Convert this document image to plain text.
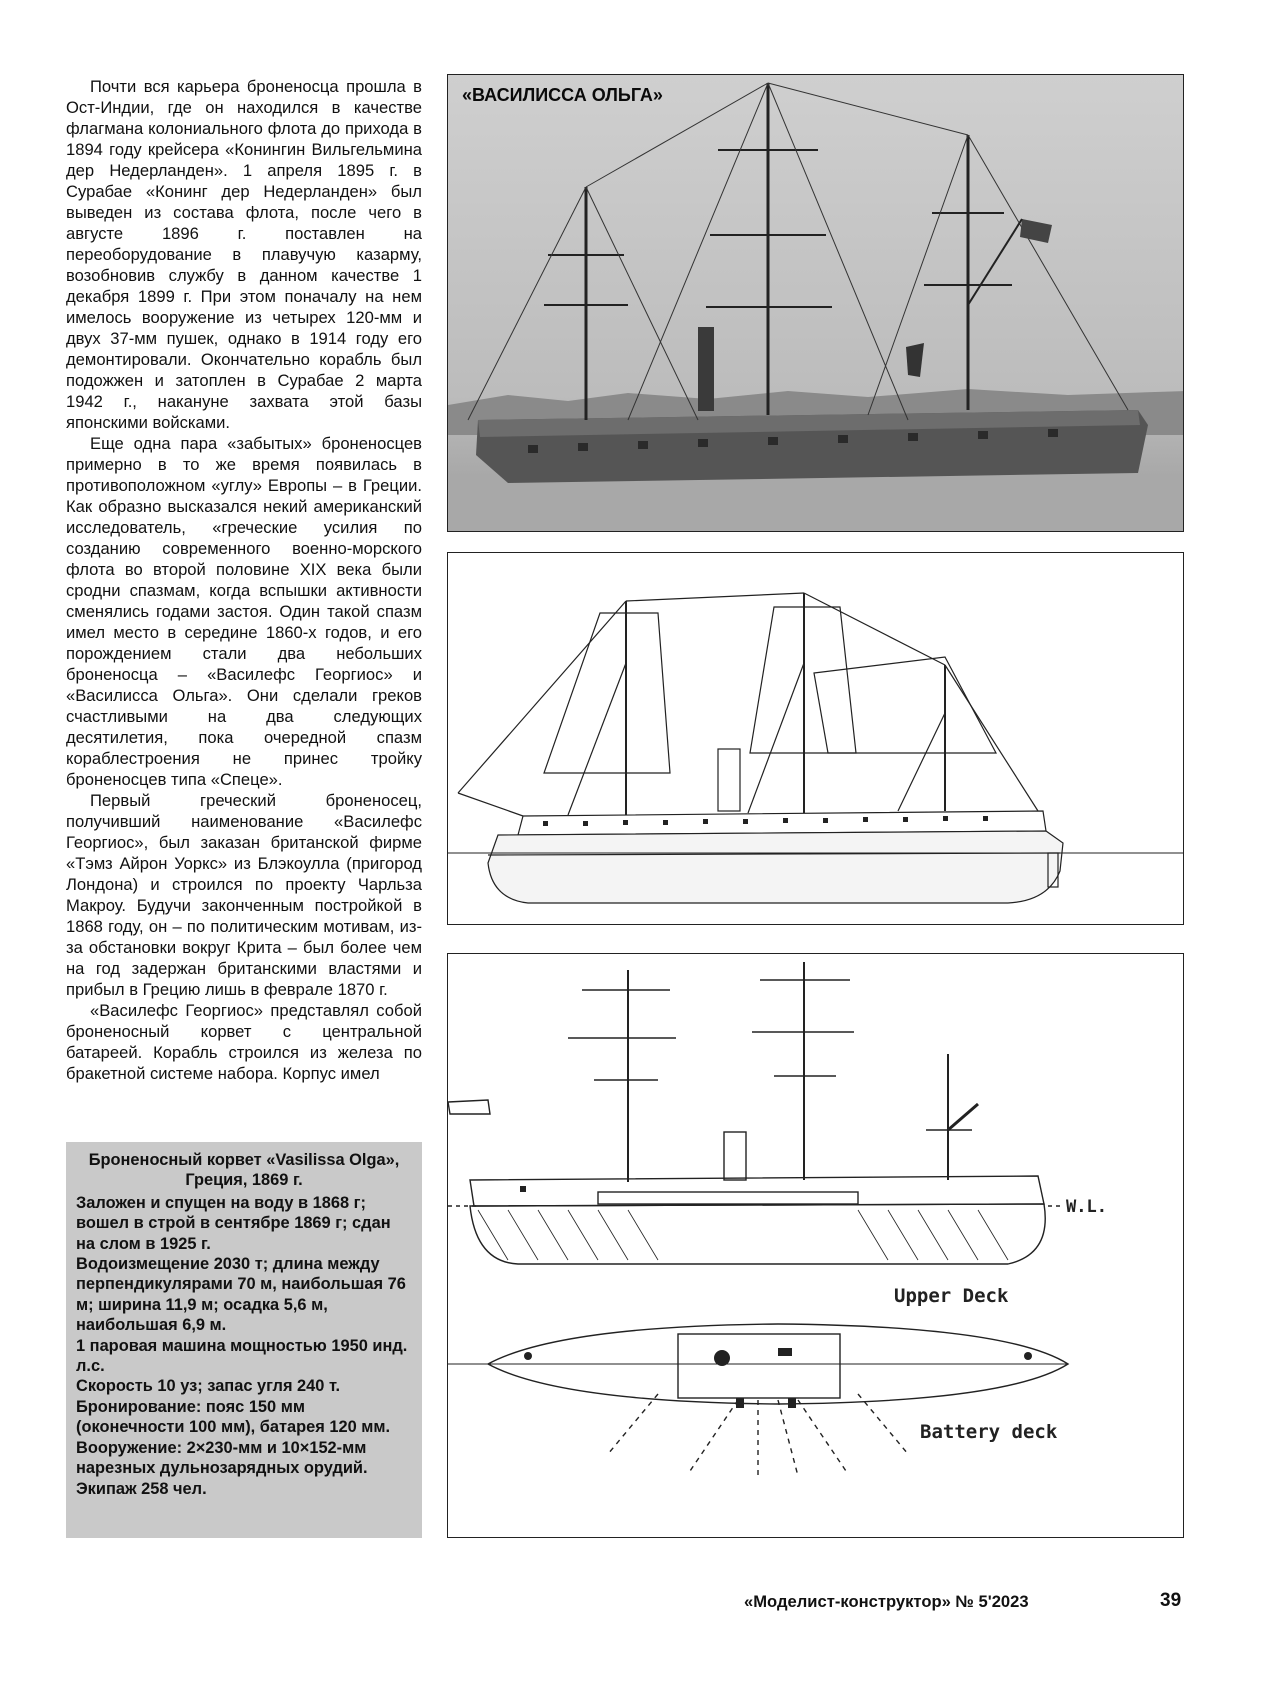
Почти вся карьера броненосца прошла в Ост-Индии, где он находился в качестве флагмана колониального флота до прихода в 1894 году крейсера «Конингин Вильгельмина дер Недерланден». 1 апреля 1895 г. в Сурабае «Конинг дер Недерланден» был выведен из состава флота, после чего в августе 1896 г. поставлен на переоборудование в плавучую казарму, возобновив службу в данном качестве 1 декабря 1899 г. При этом поначалу на нем имелось вооружение из четырех 120-мм и двух 37-мм пушек, однако в 1914 году его демонтировали. Окончательно корабль был подожжен и затоплен в Сурабае 2 марта 1942 г., накануне захвата этой базы японскими войсками.

Еще одна пара «забытых» броненосцев примерно в то же время появилась в противоположном «углу» Европы – в Греции. Как образно высказался некий американский исследователь, «греческие усилия по созданию современного военно-морского флота во второй половине XIX века были сродни спазмам, когда вспышки активности сменялись годами застоя. Один такой спазм имел место в середине 1860-х годов, и его порождением стали два небольших броненосца – «Василефс Георгиос» и «Василисса Ольга». Они сделали греков счастливыми на два следующих десятилетия, пока очередной спазм кораблестроения не принес тройку броненосцев типа «Спеце».

Первый греческий броненосец, получивший наименование «Василефс Георгиос», был заказан британской фирме «Тэмз Айрон Уоркс» из Блэкоулла (пригород Лондона) и строился по проекту Чарльза Макроу. Будучи законченным постройкой в 1868 году, он – по политическим мотивам, из-за обстановки вокруг Крита – был более чем на год задержан британскими властями и прибыл в Грецию лишь в феврале 1870 г.

«Василефс Георгиос» представлял собой броненосный корвет с центральной батареей. Корабль строился из железа по бракетной системе набора. Корпус имел

Броненосный корвет «Vasilissa Olga», Греция, 1869 г.
Заложен и спущен на воду в 1868 г; вошел в строй в сентябре 1869 г; сдан на слом в 1925 г.
Водоизмещение 2030 т; длина между перпендикулярами 70 м, наибольшая 76 м; ширина 11,9 м; осадка 5,6 м, наибольшая 6,9 м.
1 паровая машина мощностью 1950 инд. л.с.
Скорость 10 уз; запас угля 240 т.
Бронирование: пояс 150 мм (оконечности 100 мм), батарея 120 мм.
Вооружение: 2×230-мм и 10×152-мм нарезных дульнозарядных орудий.
Экипаж 258 чел.
«ВАСИЛИССА ОЛЬГА»
W.L.
Upper Deck
Battery deck
«Моделист-конструктор» № 5'2023	39
